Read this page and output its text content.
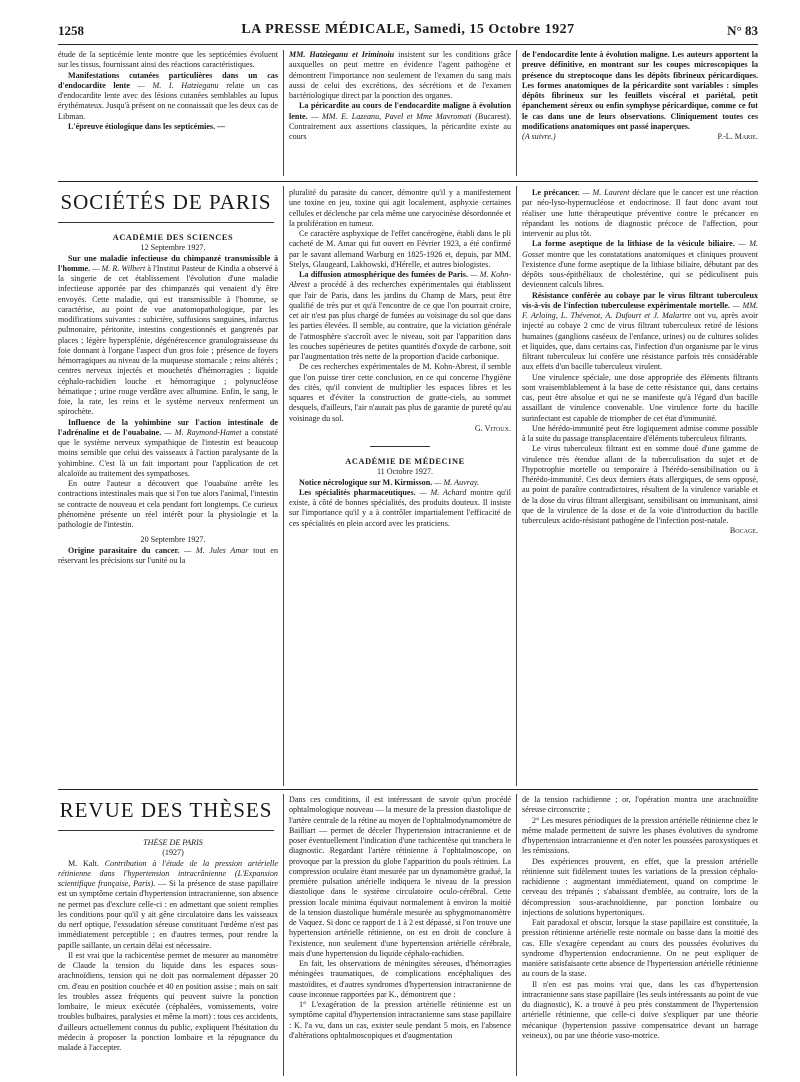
1258	LA PRESSE MÉDICALE, Samedi, 15 Octobre 1927	N° 83

étude de la septicémie lente montre que les septicémies évoluent sur les tissus, fournissant ainsi des réactions caractéristiques.

Manifestations cutanées particulières dans un cas d'endocardite lente — M. I. Hatzieganu relate un cas d'endocardite lente avec des lésions cutanées semblables au lupus érythémateux. Jusqu'à présent on ne connaissait que les deux cas de Libman.

L'épreuve étiologique dans les septicémies. —

MM. Hatzieganu et Iriminoiu insistent sur les conditions grâce auxquelles on peut mettre en évidence l'agent pathogène et démontrent l'importance non seulement de l'examen du sang mais aussi de celui des excrétions, des sécrétions et de l'examen bactériologique direct par la ponction des organes.

La péricardite au cours de l'endocardite maligne à évolution lente. — MM. E. Lazeanu, Pavel et Mme Mavromati (Bucarest). Contrairement aux assertions classiques, la péricardite existe au cours

de l'endocardite lente à évolution maligne. Les auteurs apportent la preuve définitive, en montrant sur les coupes microscopiques la présence du streptocoque dans les dépôts fibrineux péricardiques. Les formes anatomiques de la péricardite sont variables : simples dépôts fibrineux sur les feuillets viscéral et pariétal, petit épanchement séreux ou enfin symphyse péricardique, comme ce fut le cas dans une de leurs observations. Cliniquement toutes ces modifications anatomiques ont passé inaperçues.

(A suivre.)	P.-L. Marie.

SOCIÉTÉS DE PARIS

ACADÉMIE DES SCIENCES

12 Septembre 1927.

Sur une maladie infectieuse du chimpanzé transmissible à l'homme. — M. R. Wilbert à l'Institut Pasteur de Kindia a observé à la singerie de cet établissement l'évolution d'une maladie infectieuse apportée par des chimpanzés qui venaient d'y être envoyés. Cette maladie, qui est transmissible à l'homme, se caractérise, au point de vue anatomopathologique, par les modifications suivantes : subictère, suffusions sanguines, infarctus pulmonaire, péritonite, intestins congestionnés et gangrenés par places ; légère hypersplénie, dégénérescence granulograisseuse du foie donnant à l'organe l'aspect d'un gros foie ; présence de foyers hémorragiques au niveau de la muqueuse stomacale ; reins altérés ; centres nerveux injectés et mouchetés d'hémorragies ; liquide céphalo-rachidien louche et hémorragique ; polynucléose hématique ; urine rouge verdâtre avec albumine. Enfin, le sang, le foie, la rate, les reins et le système nerveux renferment un spirochète.

Influence de la yohimbine sur l'action intestinale de l'adrénaline et de l'ouabaïne. — M. Raymond-Hamet a constaté que le système nerveux sympathique de l'intestin est beaucoup moins sensible que celui des vaisseaux à l'action paralysante de la yohimbine. C'est là un fait important pour l'application de cet alcaloïde au traitement des sympathoses.

En outre l'auteur a découvert que l'ouabaïne arrête les contractions intestinales mais que si l'on tue alors l'animal, l'intestin se contracte de nouveau et cela pendant fort longtemps. Ce curieux phénomène présente un réel intérêt pour la physiologie et la pathologie de l'intestin.

20 Septembre 1927.

Origine parasitaire du cancer. — M. Jules Amar tout en réservant les précisions sur l'unité ou la

pluralité du parasite du cancer, démontre qu'il y a manifestement une toxine en jeu, toxine qui agit localement, asphyxie certaines cellules et déclenche par cela même une caryocinèse désordonnée et la prolifération en tumeur.

Ce caractère asphyxique de l'effet cancérogène, établi dans le pli cacheté de M. Amar qui fut ouvert en Février 1923, a été confirmé par le savant allemand Warburg en 1825-1926 et, depuis, par MM. Stelys, Glaugeard, Lakhowski, d'Hérelle, et autres biologistes.

La diffusion atmosphérique des fumées de Paris. — M. Kohn-Abrest a procédé à des recherches expérimentales qui établissent que l'air de Paris, dans les jardins du Champ de Mars, peut être qualifié de très pur et qu'à l'encontre de ce que l'on pourrait croire, cet air n'est pas plus chargé de fumées au voisinage du sol que dans les parties élevées. Il semble, au contraire, que la viciation générale de l'atmosphère s'accroît avec le niveau, soit par l'apparition dans les couches supérieures de petites quantités d'oxyde de carbone, soit par l'augmentation très nette de la proportion d'acide carbonique.

De ces recherches expérimentales de M. Kohn-Abrest, il semble que l'on puisse tirer cette conclusion, en ce qui concerne l'hygiène des cités, qu'il convient de multiplier les espaces libres et les squares et d'éviter la construction de gratte-ciels, au sommet desquels, d'ailleurs, l'air n'aurait pas plus de garantie de pureté qu'au voisinage du sol.

G. Vitoux.

ACADÉMIE DE MÉDECINE

11 Octobre 1927.

Notice nécrologique sur M. Kirmisson. — M. Auvray.

Les spécialités pharmaceutiques. — M. Achard montre qu'il existe, à côté de bonnes spécialités, des produits douteux. Il insiste sur l'importance qu'il y a à contrôler impartialement l'efficacité de ces spécialités en plein accord avec les praticiens.

Le précancer. — M. Laurent déclare que le cancer est une réaction par néo-lyso-hypernucléose et endocrinose. Il faut donc avant tout réaliser une lutte thérapeutique préventive contre le précancer en répandant les notions de diagnostic précoce de l'affection, pour intervenir au plus tôt.

La forme aseptique de la lithiase de la vésicule biliaire. — M. Gosset montre que les constatations anatomiques et cliniques prouvent l'existence d'une forme aseptique de la lithiase biliaire, débutant par des dépôts sous-épithéliaux de cholestérine, qui se pédiculisent puis deviennent calculs libres.

Résistance conférée au cobaye par le virus filtrant tuberculeux vis-à-vis de l'infection tuberculeuse expérimentale mortelle. — MM. F. Arloing, L. Thévenot, A. Dufourt et J. Malartre ont vu, après avoir injecté au cobaye 2 cmc de virus filtrant tuberculeux retiré de lésions humaines (ganglions caséeux de l'enfance, urines) ou de cultures solides et liquides, que, dans certains cas, l'infection d'un organisme par le virus filtrant tuberculeux lui confère une résistance parfois très considérable aux effets d'un bacille tuberculeux virulent.

Une virulence spéciale, une dose appropriée des éléments filtrants sont vraisemblablement à la base de cette résistance qui, dans certains cas, peut être absolue et qui ne se manifeste qu'à l'égard d'un bacille assaillant de virulence convenable. Une virulence forte du bacille surinfectant est capable de triompher de cet état d'immunité.

Une hérédo-immunité peut être logiquement admise comme possible à la suite du passage transplacentaire d'éléments tuberculeux filtrants.

Le virus tuberculeux filtrant est en somme doué d'une gamme de virulence très étendue allant de la tuberculisation du sujet et de l'hypotrophie mortelle ou temporaire à l'hérédo-sensibilisation ou à l'hérédo-immunité. Ces deux derniers états allergiques, de sens opposé, au point de paraître contradictoires, résultent de la virulence variable et de la dose du virus filtrant allergisant, sensibilisant ou immunisant, ainsi que de la virulence de la dose et de la voie d'introduction du bacille tuberculeux acido-résistant pathogène de l'infection post-natale.

Bocage.

REVUE DES THÈSES

THÈSE DE PARIS

(1927)

M. Kalt. Contribution à l'étude de la pression artérielle rétinienne dans l'hypertension intracrânienne (L'Expansion scientifique française, Paris). — Si la présence de stase papillaire est un symptôme certain d'hypertension intracranienne, son absence ne permet pas d'exclure celle-ci : en admettant que soient remplies les conditions pour qu'il y ait gêne circulatoire dans les vaisseaux du nerf optique, l'exsudation séreuse constituant l'œdème n'est pas immédiatement perceptible ; en d'autres termes, pour rendre la papille saillante, un certain délai est nécessaire.

Il est vrai que la rachicentèse permet de mesurer au manomètre de Claude la tension du liquide dans les espaces sous-arachnoïdiens, tension qui ne doit pas normalement dépasser 20 cm. d'eau en position couchée et 40 en position assise ; mais on sait les troubles assez fréquents qui peuvent suivre la ponction lombaire, le mieux exécutée (céphalées, vomissements, voire troubles bulbaires, paralysies et même la mort) : tous ces accidents, d'ailleurs actuellement connus du public, expliquent l'hésitation du médecin à proposer la ponction lombaire et la répugnance du malade à l'accepter.

Dans ces conditions, il est intéressant de savoir qu'un procédé ophtalmologique nouveau — la mesure de la pression diastolique de l'artère centrale de la rétine au moyen de l'ophtalmodynamomètre de Bailliart — permet de déceler l'hypertension intracranienne et de poser éventuellement l'indication d'une rachicentèse qui tranchera le diagnostic. Regardant l'artère rétinienne à l'ophtalmoscope, on provoque par la pression du globe l'apparition du pouls rétinien. La compression oculaire étant mesurée par un dynamomètre gradué, la première pulsation artérielle indiquera le niveau de la pression diastolique dans le système circulatoire oculo-cérébral. Cette pression locale minima équivaut normalement à environ la moitié de la tension diastolique humérale mesurée au sphygmomanomètre de Vaquez. Si donc ce rapport de 1 à 2 est dépassé, si l'on trouve une hypertension artérielle rétinienne, on est en droit de conclure à l'existence, non seulement d'une hypertension artérielle cérébrale, mais d'une hypertension du liquide céphalo-rachidien.

En fait, les observations de méningites séreuses, d'hémorragies méningées traumatiques, de complications encéphaliques des mastoïdites, et d'autres syndromes d'hypertension intracranienne de cause inconnue rapportées par K., démontrent que :

1° L'exagération de la pression artérielle rétinienne est un symptôme capital d'hypertension intracranienne sans stase papillaire : K. l'a vu, dans un cas, exister seule pendant 5 mois, en l'absence d'altérations ophtalmoscopiques et d'augmentation

de la tension rachidienne ; or, l'opération montra une arachnoïdite séreuse circonscrite ;

2° Les mesures périodiques de la pression artérielle rétinienne chez le même malade permettent de suivre les phases évolutives du syndrome d'hypertension intracranienne et d'en noter les poussées paroxystiques et les rémissions.

Des expériences prouvent, en effet, que la pression artérielle rétinienne suit fidèlement toutes les variations de la pression céphalo-rachidienne : augmentant immédiatement, quand on comprime le cerveau des trépanés ; s'abaissant d'emblée, au contraire, lors de la décompression sous-arachnoïdienne, par ponction lombaire ou injections de solutions hypertoniques.

Fait paradoxal et obscur, lorsque la stase papillaire est constituée, la pression rétinienne artérielle reste normale ou basse dans la moitié des cas. Elle s'exagère cependant au cours des poussées évolutives du syndrome d'hypertension endocranienne. On ne peut expliquer de manière satisfaisante cette absence de l'hypertension artérielle rétinienne au cours de la stase.

Il n'en est pas moins vrai que, dans les cas d'hypertension intracranienne sans stase papillaire (les seuls intéressants au point de vue du diagnostic), K. a trouvé à peu près constamment de l'hypertension artérielle rétinienne, que celle-ci doive s'expliquer par une théorie mécanique (hypertension passive compensatrice devant un barrage veineux), ou par une théorie vaso-motrice.
